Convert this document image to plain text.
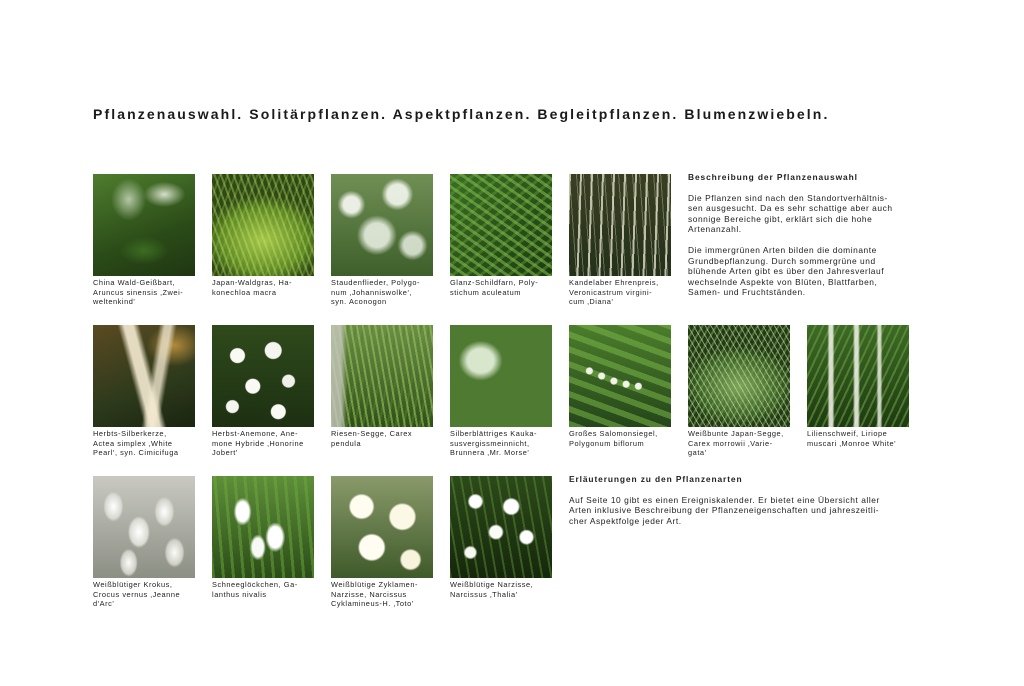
Pflanzenauswahl. Solitärpflanzen. Aspektpflanzen. Begleitpflanzen. Blumenzwiebeln.
China Wald-Geißbart,
Aruncus sinensis ‚Zwei-
weltenkind'
Japan-Waldgras, Ha-
konechloa macra
Staudenflieder, Polygo-
num ‚Johanniswolke',
syn. Aconogon
Glanz-Schildfarn, Poly-
stichum aculeatum
Kandelaber Ehrenpreis,
Veronicastrum virgini-
cum ‚Diana'
Beschreibung der Pflanzenauswahl

Die Pflanzen sind nach den Standortverhältnis-
sen ausgesucht. Da es sehr schattige aber auch
sonnige Bereiche gibt, erklärt sich die hohe
Artenanzahl.

Die immergrünen Arten bilden die dominante
Grundbepflanzung. Durch sommergrüne und
blühende Arten gibt es über den Jahresverlauf
wechselnde Aspekte von Blüten, Blattfarben,
Samen- und Fruchtständen.

Herbts-Silberkerze,
Actea simplex ‚White
Pearl', syn. Cimicifuga
Herbst-Anemone, Ane-
mone Hybride ‚Honorine
Jobert'
Riesen-Segge, Carex
pendula
Silberblättriges Kauka-
susvergissmeinnicht,
Brunnera ‚Mr. Morse'
Großes Salomonsiegel,
Polygonum biflorum
Weißbunte Japan-Segge,
Carex morrowii ‚Varie-
gata'
Lilienschweif, Liriope
muscari ‚Monroe White'
Weißblütiger Krokus,
Crocus vernus ‚Jeanne
d'Arc'
Schneeglöckchen, Ga-
lanthus nivalis
Weißblütige Zyklamen-
Narzisse, Narcissus
Cyklamineus-H. ‚Toto'
Weißblütige Narzisse,
Narcissus ‚Thalia'
Erläuterungen zu den Pflanzenarten

Auf Seite 10 gibt es einen Ereigniskalender. Er bietet eine Übersicht aller
Arten inklusive Beschreibung der Pflanzeneigenschaften und jahreszeitli-
cher Aspektfolge jeder Art.
